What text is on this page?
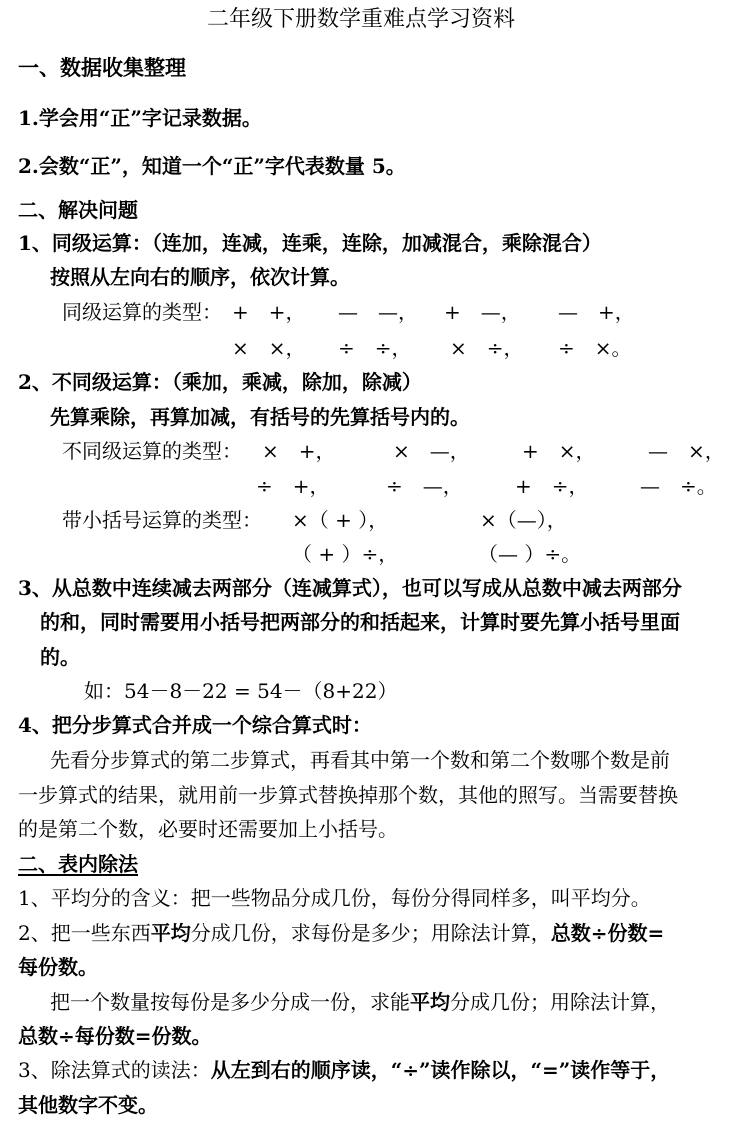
二年级下册数学重难点学习资料
一、数据收集整理
1.学会用“正”字记录数据。
2.会数“正”，知道一个“正”字代表数量 5。
二、解决问题
1、同级运算：（连加，连减，连乘，连除，加减混合，乘除混合）
按照从左向右的顺序，依次计算。
同级运算的类型： +　+， —　—， +　—， —　+，
×　×， ÷　÷， ×　÷， ÷　×。
2、不同级运算：（乘加，乘减，除加，除减）
先算乘除，再算加减，有括号的先算括号内的。
不同级运算的类型： ×　+，	×　—，	+　×，	—　×，
÷　+，	÷　—，	+　÷，	—　÷。
带小括号运算的类型： ×（ + ），	×（—），
（ + ）÷，	（— ）÷。
3、从总数中连续减去两部分（连减算式），也可以写成从总数中减去两部分
的和，同时需要用小括号把两部分的和括起来，计算时要先算小括号里面
的。
如：54－8－22 = 54－（8+22）
4、把分步算式合并成一个综合算式时：
先看分步算式的第二步算式，再看其中第一个数和第二个数哪个数是前
一步算式的结果，就用前一步算式替换掉那个数，其他的照写。当需要替换
的是第二个数，必要时还需要加上小括号。
二、表内除法
1、平均分的含义：把一些物品分成几份，每份分得同样多，叫平均分。
2、把一些东西平均分成几份，求每份是多少；用除法计算，总数÷份数=
每份数。
把一个数量按每份是多少分成一份，求能平均分成几份；用除法计算，
总数÷每份数=份数。
3、除法算式的读法：从左到右的顺序读，“÷”读作除以，“=”读作等于，
其他数字不变。
